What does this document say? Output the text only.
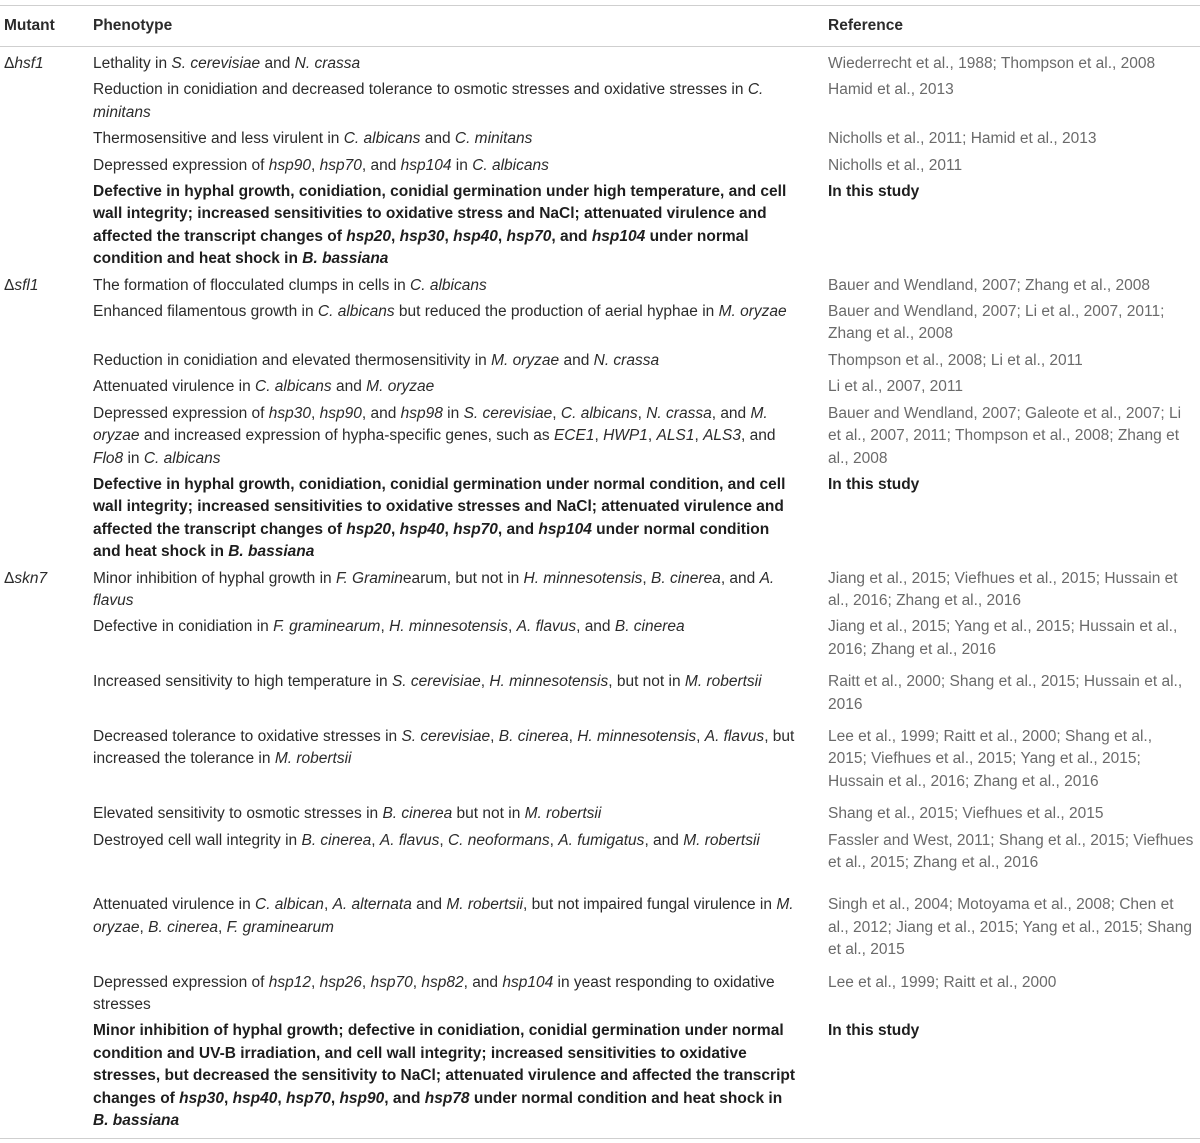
Mutant	Phenotype	Reference
Δhsf1	Lethality in S. cerevisiae and N. crassa	Wiederrecht et al., 1988; Thompson et al., 2008
	Reduction in conidiation and decreased tolerance to osmotic stresses and oxidative stresses in C. minitans	Hamid et al., 2013
	Thermosensitive and less virulent in C. albicans and C. minitans	Nicholls et al., 2011; Hamid et al., 2013
	Depressed expression of hsp90, hsp70, and hsp104 in C. albicans	Nicholls et al., 2011
	Defective in hyphal growth, conidiation, conidial germination under high temperature, and cell wall integrity; increased sensitivities to oxidative stress and NaCl; attenuated virulence and affected the transcript changes of hsp20, hsp30, hsp40, hsp70, and hsp104 under normal condition and heat shock in B. bassiana	In this study
Δsfl1	The formation of flocculated clumps in cells in C. albicans	Bauer and Wendland, 2007; Zhang et al., 2008
	Enhanced filamentous growth in C. albicans but reduced the production of aerial hyphae in M. oryzae	Bauer and Wendland, 2007; Li et al., 2007, 2011; Zhang et al., 2008
	Reduction in conidiation and elevated thermosensitivity in M. oryzae and N. crassa	Thompson et al., 2008; Li et al., 2011
	Attenuated virulence in C. albicans and M. oryzae	Li et al., 2007, 2011
	Depressed expression of hsp30, hsp90, and hsp98 in S. cerevisiae, C. albicans, N. crassa, and M. oryzae and increased expression of hypha-specific genes, such as ECE1, HWP1, ALS1, ALS3, and Flo8 in C. albicans	Bauer and Wendland, 2007; Galeote et al., 2007; Li et al., 2007, 2011; Thompson et al., 2008; Zhang et al., 2008
	Defective in hyphal growth, conidiation, conidial germination under normal condition, and cell wall integrity; increased sensitivities to oxidative stresses and NaCl; attenuated virulence and affected the transcript changes of hsp20, hsp40, hsp70, and hsp104 under normal condition and heat shock in B. bassiana	In this study
Δskn7	Minor inhibition of hyphal growth in F. Graminearum, but not in H. minnesotensis, B. cinerea, and A. flavus	Jiang et al., 2015; Viefhues et al., 2015; Hussain et al., 2016; Zhang et al., 2016
	Defective in conidiation in F. graminearum, H. minnesotensis, A. flavus, and B. cinerea	Jiang et al., 2015; Yang et al., 2015; Hussain et al., 2016; Zhang et al., 2016
	Increased sensitivity to high temperature in S. cerevisiae, H. minnesotensis, but not in M. robertsii	Raitt et al., 2000; Shang et al., 2015; Hussain et al., 2016
	Decreased tolerance to oxidative stresses in S. cerevisiae, B. cinerea, H. minnesotensis, A. flavus, but increased the tolerance in M. robertsii	Lee et al., 1999; Raitt et al., 2000; Shang et al., 2015; Viefhues et al., 2015; Yang et al., 2015; Hussain et al., 2016; Zhang et al., 2016
	Elevated sensitivity to osmotic stresses in B. cinerea but not in M. robertsii	Shang et al., 2015; Viefhues et al., 2015
	Destroyed cell wall integrity in B. cinerea, A. flavus, C. neoformans, A. fumigatus, and M. robertsii	Fassler and West, 2011; Shang et al., 2015; Viefhues et al., 2015; Zhang et al., 2016
	Attenuated virulence in C. albican, A. alternata and M. robertsii, but not impaired fungal virulence in M. oryzae, B. cinerea, F. graminearum	Singh et al., 2004; Motoyama et al., 2008; Chen et al., 2012; Jiang et al., 2015; Yang et al., 2015; Shang et al., 2015
	Depressed expression of hsp12, hsp26, hsp70, hsp82, and hsp104 in yeast responding to oxidative stresses	Lee et al., 1999; Raitt et al., 2000
	Minor inhibition of hyphal growth; defective in conidiation, conidial germination under normal condition and UV-B irradiation, and cell wall integrity; increased sensitivities to oxidative stresses, but decreased the sensitivity to NaCl; attenuated virulence and affected the transcript changes of hsp30, hsp40, hsp70, hsp90, and hsp78 under normal condition and heat shock in B. bassiana	In this study
